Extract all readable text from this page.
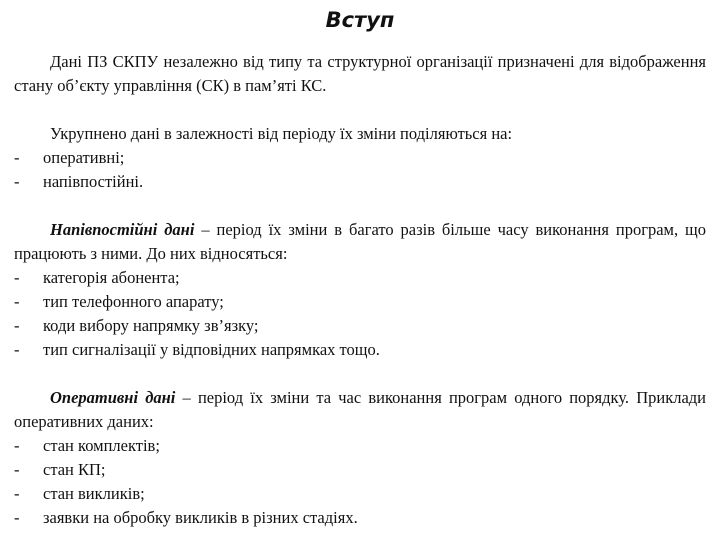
Вступ

Дані ПЗ СКПУ незалежно від типу та структурної організації призначені для відображення стану об’єкту управління (СК) в пам’яті КС.

Укрупнено дані в залежності від періоду їх зміни поділяються на:

- оперативні;
- напівпостійні.

Напівпостійні дані – період їх зміни в багато разів більше часу виконання програм, що працюють з ними. До них відносяться:

- категорія абонента;
- тип телефонного апарату;
- коди вибору напрямку зв’язку;
- тип сигналізації у відповідних напрямках тощо.

Оперативні дані – період їх зміни та час виконання програм одного порядку. Приклади оперативних даних:

- стан комплектів;
- стан КП;
- стан викликів;
- заявки на обробку викликів в різних стадіях.
